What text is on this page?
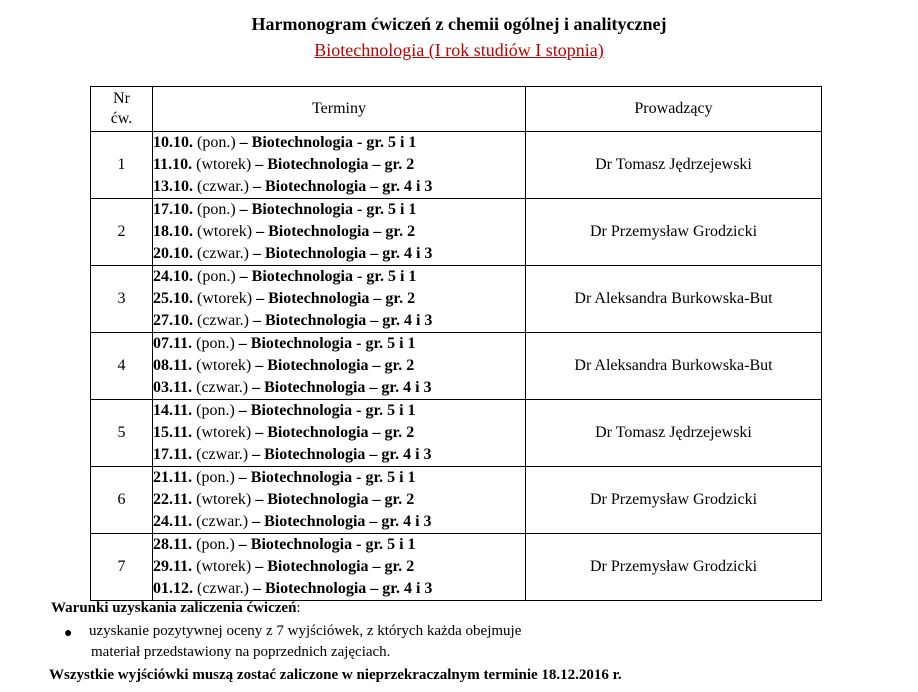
Harmonogram ćwiczeń z chemii ogólnej i analitycznej
Biotechnologia (I rok studiów I stopnia)
Nr
ćw.	Terminy	Prowadzący
1	10.10. (pon.) – Biotechnologia - gr. 5 i 1
11.10. (wtorek) – Biotechnologia – gr. 2
13.10. (czwar.) – Biotechnologia – gr. 4 i 3	Dr Tomasz Jędrzejewski
2	17.10. (pon.) – Biotechnologia - gr. 5 i 1
18.10. (wtorek) – Biotechnologia – gr. 2
20.10. (czwar.) – Biotechnologia – gr. 4 i 3	Dr Przemysław Grodzicki
3	24.10. (pon.) – Biotechnologia - gr. 5 i 1
25.10. (wtorek) – Biotechnologia – gr. 2
27.10. (czwar.) – Biotechnologia – gr. 4 i 3	Dr Aleksandra Burkowska-But
4	07.11. (pon.) – Biotechnologia - gr. 5 i 1
08.11. (wtorek) – Biotechnologia – gr. 2
03.11. (czwar.) – Biotechnologia – gr. 4 i 3	Dr Aleksandra Burkowska-But
5	14.11. (pon.) – Biotechnologia - gr. 5 i 1
15.11. (wtorek) – Biotechnologia – gr. 2
17.11. (czwar.) – Biotechnologia – gr. 4 i 3	Dr Tomasz Jędrzejewski
6	21.11. (pon.) – Biotechnologia - gr. 5 i 1
22.11. (wtorek) – Biotechnologia – gr. 2
24.11. (czwar.) – Biotechnologia – gr. 4 i 3	Dr Przemysław Grodzicki
7	28.11. (pon.) – Biotechnologia - gr. 5 i 1
29.11. (wtorek) – Biotechnologia – gr. 2
01.12. (czwar.) – Biotechnologia – gr. 4 i 3	Dr Przemysław Grodzicki
Warunki uzyskania zaliczenia ćwiczeń:
● uzyskanie pozytywnej oceny z 7 wyjściówek, z których każda obejmuje
materiał przedstawiony na poprzednich zajęciach.
Wszystkie wyjściówki muszą zostać zaliczone w nieprzekraczalnym terminie 18.12.2016 r.
